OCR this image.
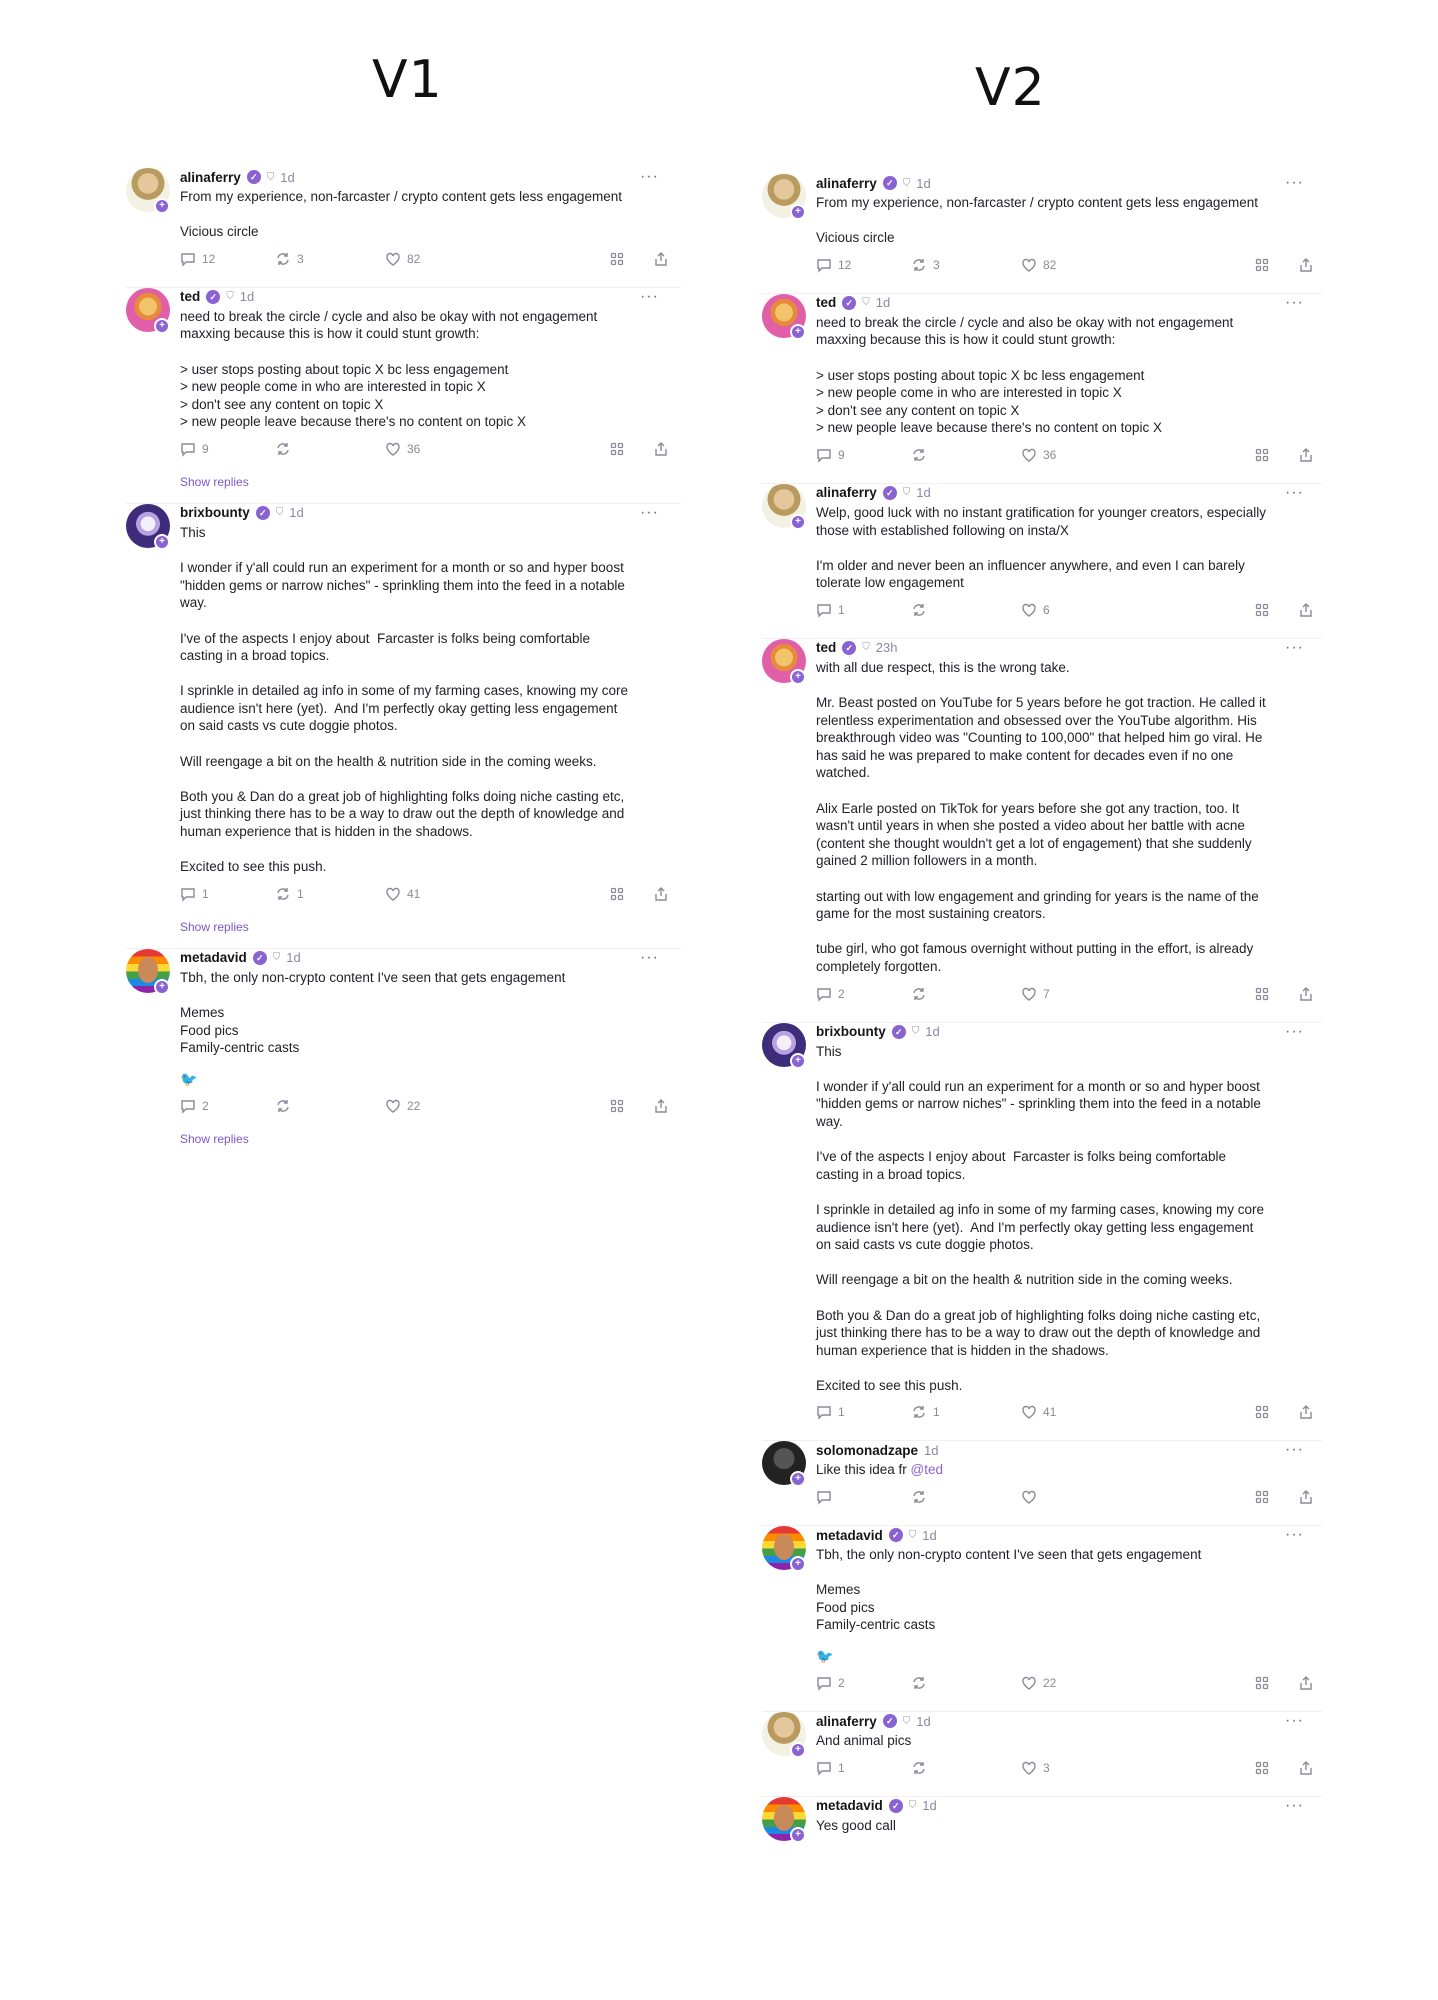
V1	V2
+
alinaferry	✓ ⛉ 1d	···
From my experience, non-farcaster / crypto content gets less engagement

Vicious circle
12	3	82
+
ted	✓ ⛉ 1d	···
need to break the circle / cycle and also be okay with not engagement
maxxing because this is how it could stunt growth:

> user stops posting about topic X bc less engagement
> new people come in who are interested in topic X
> don't see any content on topic X
> new people leave because there's no content on topic X
9	36
Show replies
+
brixbounty	✓ ⛉ 1d	···
This

I wonder if y'all could run an experiment for a month or so and hyper boost
"hidden gems or narrow niches" - sprinkling them into the feed in a notable
way.

I've of the aspects I enjoy about  Farcaster is folks being comfortable
casting in a broad topics.

I sprinkle in detailed ag info in some of my farming cases, knowing my core
audience isn't here (yet).  And I'm perfectly okay getting less engagement
on said casts vs cute doggie photos.

Will reengage a bit on the health & nutrition side in the coming weeks.

Both you & Dan do a great job of highlighting folks doing niche casting etc,
just thinking there has to be a way to draw out the depth of knowledge and
human experience that is hidden in the shadows.

Excited to see this push.
1	1	41
Show replies
+
metadavid	✓ ⛉ 1d	···
Tbh, the only non-crypto content I've seen that gets engagement

Memes
Food pics
Family-centric casts
🐦
2	22
Show replies
+
alinaferry	✓ ⛉ 1d	···
From my experience, non-farcaster / crypto content gets less engagement

Vicious circle
12	3	82
+
ted	✓ ⛉ 1d	···
need to break the circle / cycle and also be okay with not engagement
maxxing because this is how it could stunt growth:

> user stops posting about topic X bc less engagement
> new people come in who are interested in topic X
> don't see any content on topic X
> new people leave because there's no content on topic X
9	36
+
alinaferry	✓ ⛉ 1d	···
Welp, good luck with no instant gratification for younger creators, especially
those with established following on insta/X

I'm older and never been an influencer anywhere, and even I can barely
tolerate low engagement
1	6
+
ted	✓ ⛉ 23h	···
with all due respect, this is the wrong take.

Mr. Beast posted on YouTube for 5 years before he got traction. He called it
relentless experimentation and obsessed over the YouTube algorithm. His
breakthrough video was "Counting to 100,000" that helped him go viral. He
has said he was prepared to make content for decades even if no one
watched.

Alix Earle posted on TikTok for years before she got any traction, too. It
wasn't until years in when she posted a video about her battle with acne
(content she thought wouldn't get a lot of engagement) that she suddenly
gained 2 million followers in a month.

starting out with low engagement and grinding for years is the name of the
game for the most sustaining creators.

tube girl, who got famous overnight without putting in the effort, is already
completely forgotten.
2	7
+
brixbounty	✓ ⛉ 1d	···
This

I wonder if y'all could run an experiment for a month or so and hyper boost
"hidden gems or narrow niches" - sprinkling them into the feed in a notable
way.

I've of the aspects I enjoy about  Farcaster is folks being comfortable
casting in a broad topics.

I sprinkle in detailed ag info in some of my farming cases, knowing my core
audience isn't here (yet).  And I'm perfectly okay getting less engagement
on said casts vs cute doggie photos.

Will reengage a bit on the health & nutrition side in the coming weeks.

Both you & Dan do a great job of highlighting folks doing niche casting etc,
just thinking there has to be a way to draw out the depth of knowledge and
human experience that is hidden in the shadows.

Excited to see this push.
1	1	41
+
solomonadzape 1d	···
Like this idea fr @ted
+
metadavid	✓ ⛉ 1d	···
Tbh, the only non-crypto content I've seen that gets engagement

Memes
Food pics
Family-centric casts
🐦
2	22
+
alinaferry	✓ ⛉ 1d	···
And animal pics
1	3
+
metadavid	✓ ⛉ 1d	···
Yes good call
